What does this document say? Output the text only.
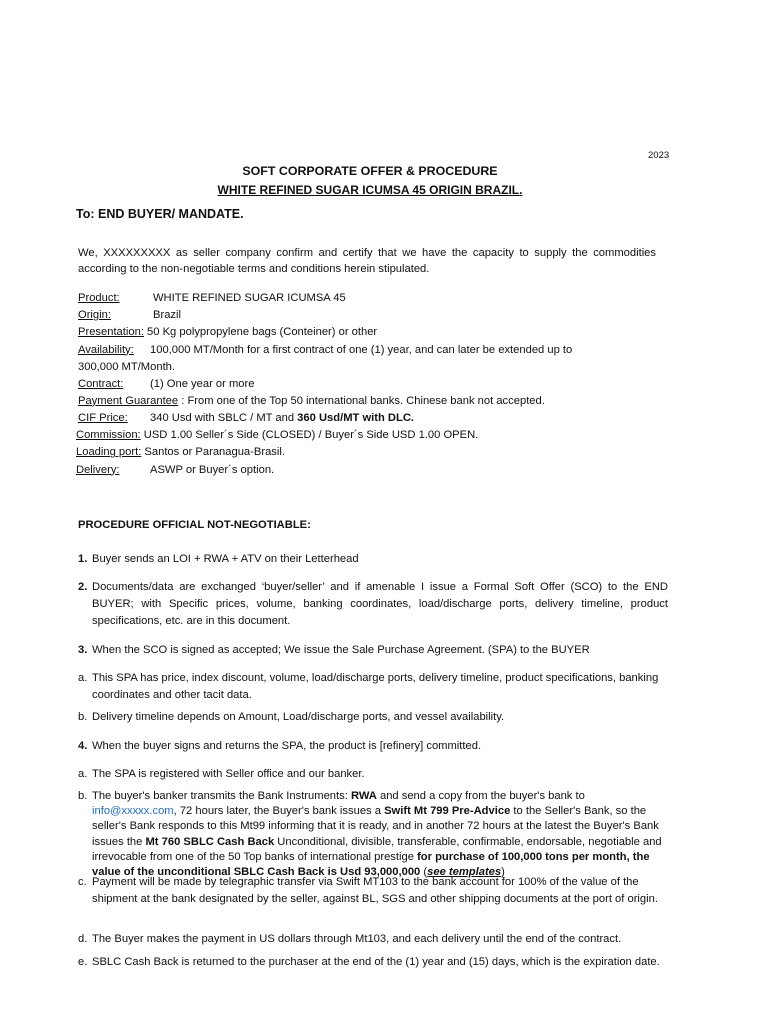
2023
SOFT CORPORATE OFFER & PROCEDURE
WHITE REFINED SUGAR ICUMSA 45 ORIGIN BRAZIL.
To: END BUYER/ MANDATE.
We, XXXXXXXXX as seller company confirm and certify that we have the capacity to supply the commodities according to the non-negotiable terms and conditions herein stipulated.
Product:	WHITE REFINED SUGAR ICUMSA 45
Origin:	Brazil
Presentation: 50 Kg polypropylene bags (Conteiner) or other
Availability: 100,000 MT/Month for a first contract of one (1) year, and can later be extended up to 300,000 MT/Month.
Contract: (1) One year or more
Payment Guarantee : From one of the Top 50 international banks. Chinese bank not accepted.
CIF Price: 340 Usd with SBLC / MT and 360 Usd/MT with DLC.
Commission: USD 1.00 Seller´s Side (CLOSED) / Buyer´s Side USD 1.00 OPEN.
Loading port: Santos or Paranagua-Brasil.
Delivery:	ASWP or Buyer´s option.
PROCEDURE OFFICIAL NOT-NEGOTIABLE:
1. Buyer sends an LOI + RWA + ATV on their Letterhead
2. Documents/data are exchanged ‘buyer/seller’ and if amenable I issue a Formal Soft Offer (SCO) to the END BUYER; with Specific prices, volume, banking coordinates, load/discharge ports, delivery timeline, product specifications, etc. are in this document.
3. When the SCO is signed as accepted; We issue the Sale Purchase Agreement. (SPA) to the BUYER
a. This SPA has price, index discount, volume, load/discharge ports, delivery timeline, product specifications, banking coordinates and other tacit data.
b. Delivery timeline depends on Amount, Load/discharge ports, and vessel availability.
4. When the buyer signs and returns the SPA, the product is [refinery] committed.
a. The SPA is registered with Seller office and our banker.
b. The buyer's banker transmits the Bank Instruments: RWA and send a copy from the buyer's bank to info@xxxxx.com, 72 hours later, the Buyer's bank issues a Swift Mt 799 Pre-Advice to the Seller's Bank, so the seller's Bank responds to this Mt99 informing that it is ready, and in another 72 hours at the latest the Buyer's Bank issues the Mt 760 SBLC Cash Back Unconditional, divisible, transferable, confirmable, endorsable, negotiable and irrevocable from one of the 50 Top banks of international prestige for purchase of 100,000 tons per month, the value of the unconditional SBLC Cash Back is Usd 93,000,000 (see templates)
c. Payment will be made by telegraphic transfer via Swift MT103 to the bank account for 100% of the value of the shipment at the bank designated by the seller, against BL, SGS and other shipping documents at the port of origin.
d. The Buyer makes the payment in US dollars through Mt103, and each delivery until the end of the contract.
e. SBLC Cash Back is returned to the purchaser at the end of the (1) year and (15) days, which is the expiration date.
